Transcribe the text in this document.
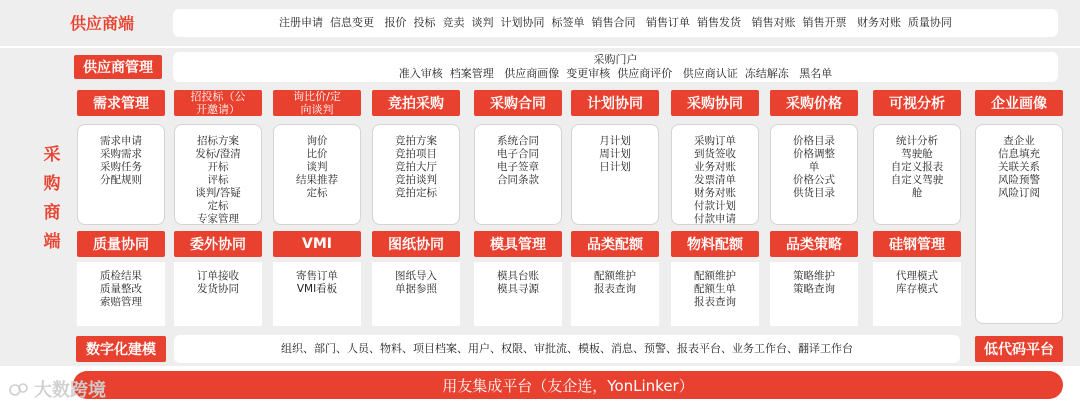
供应商端	注册申请  信息变更   报价  投标  竞卖  谈判  计划协同  标签单  销售合同   销售订单  销售发货   销售对账  销售开票   财务对账  质量协同
供应商管理
采购门户
准入审核  档案管理   供应商画像  变更审核  供应商评价   供应商认证  冻结解冻   黑名单
采
购
商
端
需求管理
需求申请
采购需求
采购任务
分配规则
招投标（公
开邀请）
招标方案
发标/澄清
开标
评标
谈判/答疑
定标
专家管理
询比价/定
向谈判
询价
比价
谈判
结果推荐
定标
竞拍采购
竞拍方案
竞拍项目
竞拍大厅
竞拍谈判
竞拍定标
采购合同
系统合同
电子合同
电子签章
合同条款
计划协同
月计划
周计划
日计划
采购协同
采购订单
到货签收
业务对账
发票清单
财务对账
付款计划
付款申请
采购价格
价格目录
价格调整
单
价格公式
供货目录
可视分析
统计分析
驾驶舱
自定义报表
自定义驾驶
舱
企业画像
查企业
信息填充
关联关系
风险预警
风险订阅
质量协同
质检结果
质量整改
索赔管理
委外协同
订单接收
发货协同
VMI
寄售订单
VMI看板
图纸协同
图纸导入
单据参照
模具管理
模具台账
模具寻源
品类配额
配额维护
报表查询
物料配额
配额维护
配额生单
报表查询
品类策略
策略维护
策略查询
硅钢管理
代理模式
库存模式
数字化建模	组织、部门、人员、物料、项目档案、用户、权限、审批流、模板、消息、预警、报表平台、业务工作台、翻译工作台	低代码平台
用友集成平台（友企连，YonLinker）
大数跨境
